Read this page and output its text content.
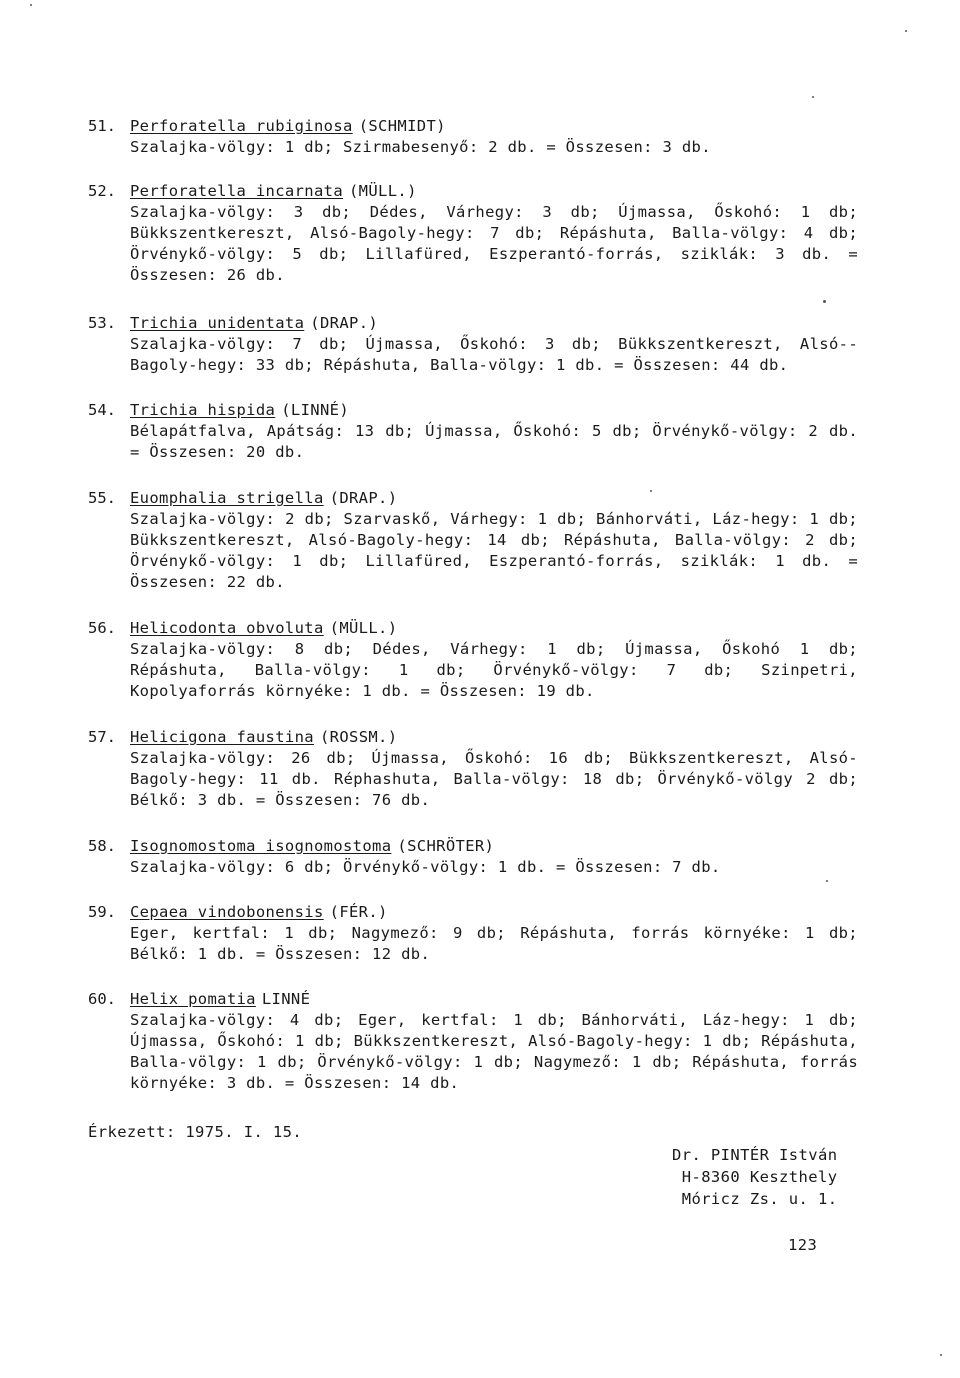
51. Perforatella rubiginosa (SCHMIDT)
Szalajka-völgy: 1 db; Szirmabesenyő: 2 db. = Összesen: 3 db.
52. Perforatella incarnata (MÜLL.)
Szalajka-völgy: 3 db; Dédes, Várhegy: 3 db; Újmassa, Őskohó: 1 db; Bükkszentkereszt, Alsó-Bagoly-hegy: 7 db; Répáshuta, Balla-völgy: 4 db; Örvénykő-völgy: 5 db; Lillafüred, Eszperantó-forrás, sziklák: 3 db. = Összesen: 26 db.
53. Trichia unidentata (DRAP.)
Szalajka-völgy: 7 db; Újmassa, Őskohó: 3 db; Bükkszentkereszt, Alsó--Bagoly-hegy: 33 db; Répáshuta, Balla-völgy: 1 db. = Összesen: 44 db.
54. Trichia hispida (LINNÉ)
Bélapátfalva, Apátság: 13 db; Újmassa, Őskohó: 5 db; Örvénykő-völgy: 2 db. = Összesen: 20 db.
55. Euomphalia strigella (DRAP.)
Szalajka-völgy: 2 db; Szarvaskő, Várhegy: 1 db; Bánhorváti, Láz-hegy: 1 db; Bükkszentkereszt, Alsó-Bagoly-hegy: 14 db; Répáshuta, Balla-völgy: 2 db; Örvénykő-völgy: 1 db; Lillafüred, Eszperantó-forrás, sziklák: 1 db. = Összesen: 22 db.
56. Helicodonta obvoluta (MÜLL.)
Szalajka-völgy: 8 db; Dédes, Várhegy: 1 db; Újmassa, Őskohó 1 db; Répáshuta, Balla-völgy: 1 db; Örvénykő-völgy: 7 db; Szinpetri, Kopolyaforrás környéke: 1 db. = Összesen: 19 db.
57. Helicigona faustina (ROSSM.)
Szalajka-völgy: 26 db; Újmassa, Őskohó: 16 db; Bükkszentkereszt, Alsó-Bagoly-hegy: 11 db. Réphashuta, Balla-völgy: 18 db; Örvénykő-völgy 2 db; Bélkő: 3 db. = Összesen: 76 db.
58. Isognomostoma isognomostoma (SCHRÖTER)
Szalajka-völgy: 6 db; Örvénykő-völgy: 1 db. = Összesen: 7 db.
59. Cepaea vindobonensis (FÉR.)
Eger, kertfal: 1 db; Nagymező: 9 db; Répáshuta, forrás környéke: 1 db; Bélkő: 1 db. = Összesen: 12 db.
60. Helix pomatia LINNÉ
Szalajka-völgy: 4 db; Eger, kertfal: 1 db; Bánhorváti, Láz-hegy: 1 db; Újmassa, Őskohó: 1 db; Bükkszentkereszt, Alsó-Bagoly-hegy: 1 db; Répáshuta, Balla-völgy: 1 db; Örvénykő-völgy: 1 db; Nagymező: 1 db; Répáshuta, forrás környéke: 3 db. = Összesen: 14 db.
Érkezett: 1975. I. 15.
Dr. PINTÉR István
H-8360 Keszthely
Móricz Zs. u. 1.
123
